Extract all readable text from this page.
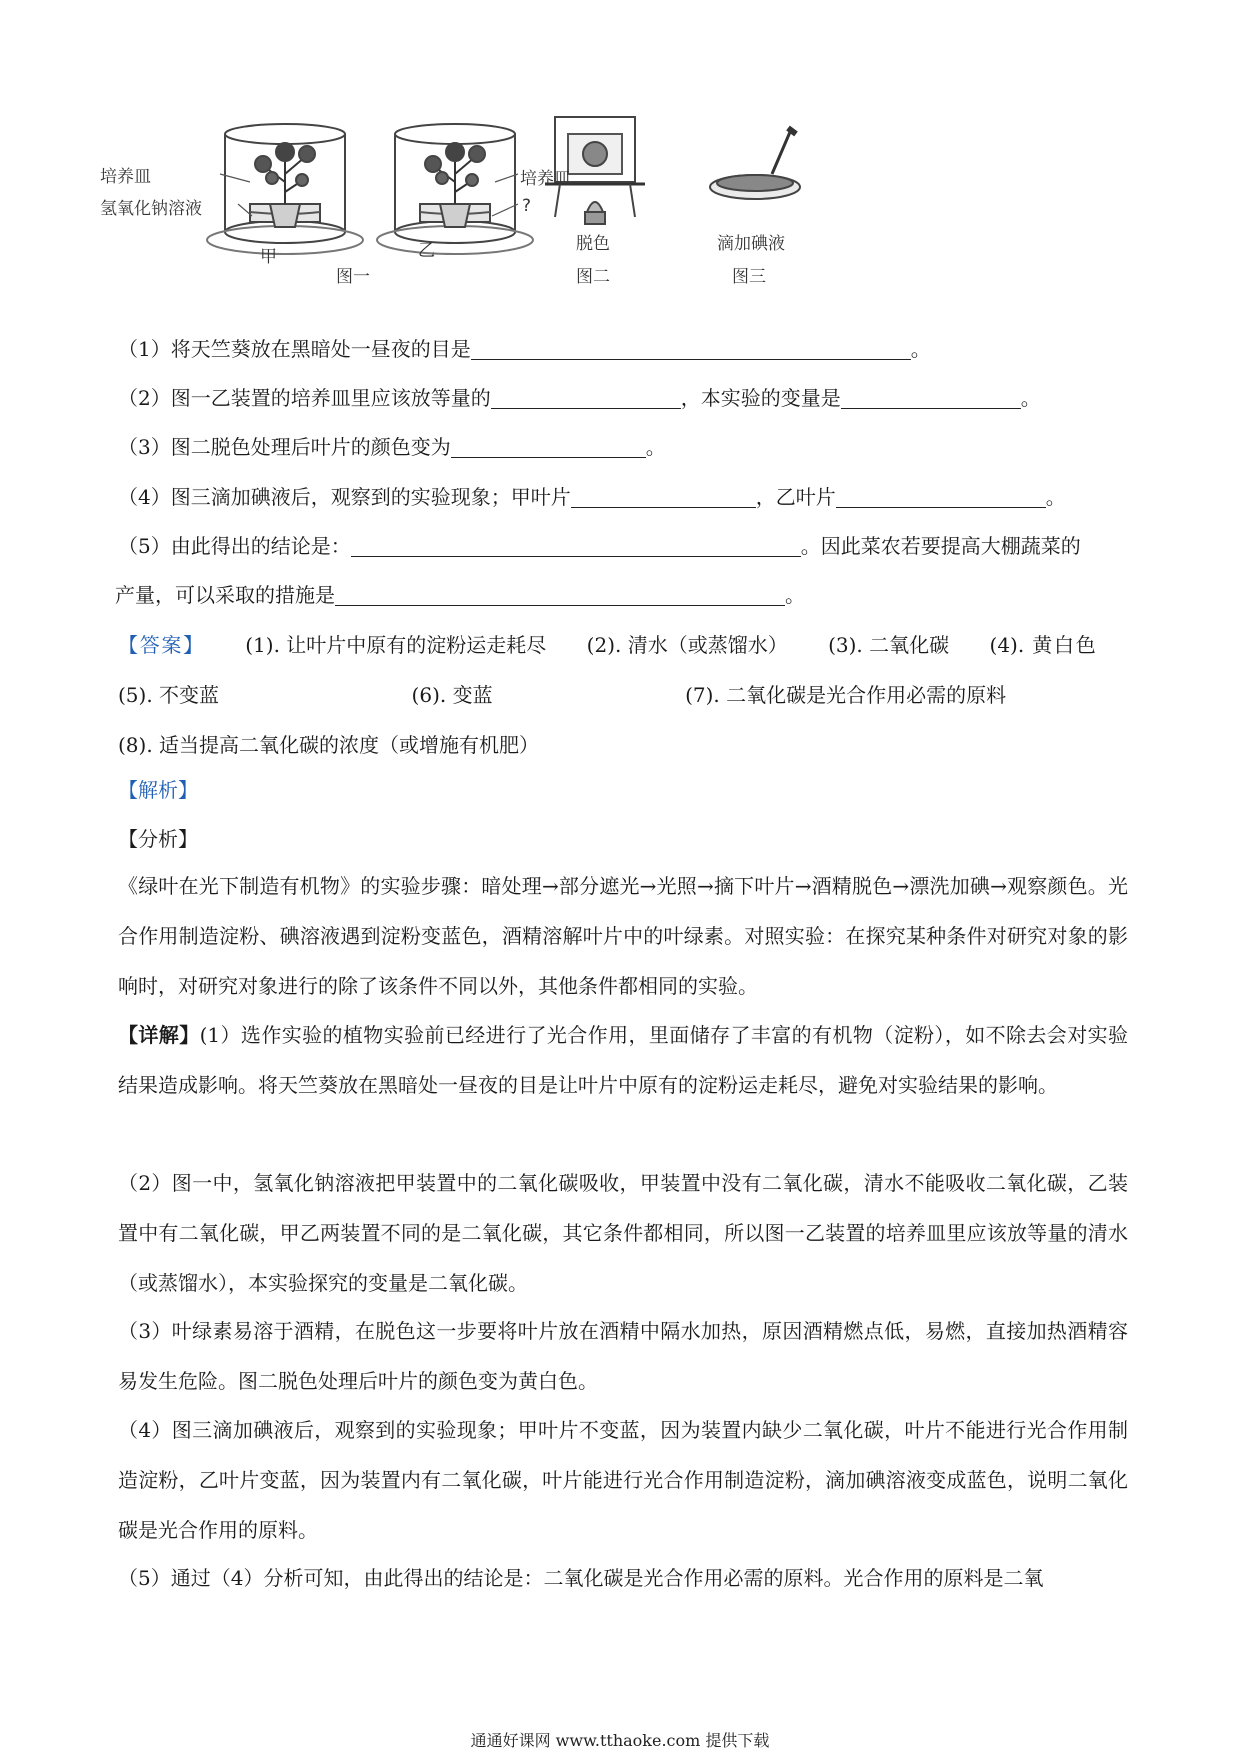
培养皿
氢氧化钠溶液
甲	乙
图一
培养皿
?
脱色
图二
滴加碘液
图三
（1）将天竺葵放在黑暗处一昼夜的目是	。
（2）图一乙装置的培养皿里应该放等量的	，本实验的变量是	。
（3）图二脱色处理后叶片的颜色变为	。
（4）图三滴加碘液后，观察到的实验现象；甲叶片	，乙叶片	。
（5）由此得出的结论是：	。因此菜农若要提高大棚蔬菜的
产量，可以采取的措施是	。
【答案】 (1). 让叶片中原有的淀粉运走耗尽 (2). 清水（或蒸馏水） (3). 二氧化碳 (4). 黄白色     (5). 不变蓝	(6). 变蓝	(7). 二氧化碳是光合作用必需的原料     (8). 适当提高二氧化碳的浓度（或增施有机肥）
【解析】
【分析】
《绿叶在光下制造有机物》的实验步骤：暗处理→部分遮光→光照→摘下叶片→酒精脱色→漂洗加碘→观察颜色。光合作用制造淀粉、碘溶液遇到淀粉变蓝色，酒精溶解叶片中的叶绿素。对照实验：在探究某种条件对研究对象的影响时，对研究对象进行的除了该条件不同以外，其他条件都相同的实验。
【详解】(1）选作实验的植物实验前已经进行了光合作用，里面储存了丰富的有机物（淀粉），如不除去会对实验结果造成影响。将天竺葵放在黑暗处一昼夜的目是让叶片中原有的淀粉运走耗尽，避免对实验结果的影响。
（2）图一中，氢氧化钠溶液把甲装置中的二氧化碳吸收，甲装置中没有二氧化碳，清水不能吸收二氧化碳，乙装置中有二氧化碳，甲乙两装置不同的是二氧化碳，其它条件都相同，所以图一乙装置的培养皿里应该放等量的清水（或蒸馏水），本实验探究的变量是二氧化碳。
（3）叶绿素易溶于酒精，在脱色这一步要将叶片放在酒精中隔水加热，原因酒精燃点低，易燃，直接加热酒精容易发生危险。图二脱色处理后叶片的颜色变为黄白色。
（4）图三滴加碘液后，观察到的实验现象；甲叶片不变蓝，因为装置内缺少二氧化碳，叶片不能进行光合作用制造淀粉，乙叶片变蓝，因为装置内有二氧化碳，叶片能进行光合作用制造淀粉，滴加碘溶液变成蓝色，说明二氧化碳是光合作用的原料。
（5）通过（4）分析可知，由此得出的结论是：二氧化碳是光合作用必需的原料。光合作用的原料是二氧
通通好课网 www.tthaoke.com 提供下载
